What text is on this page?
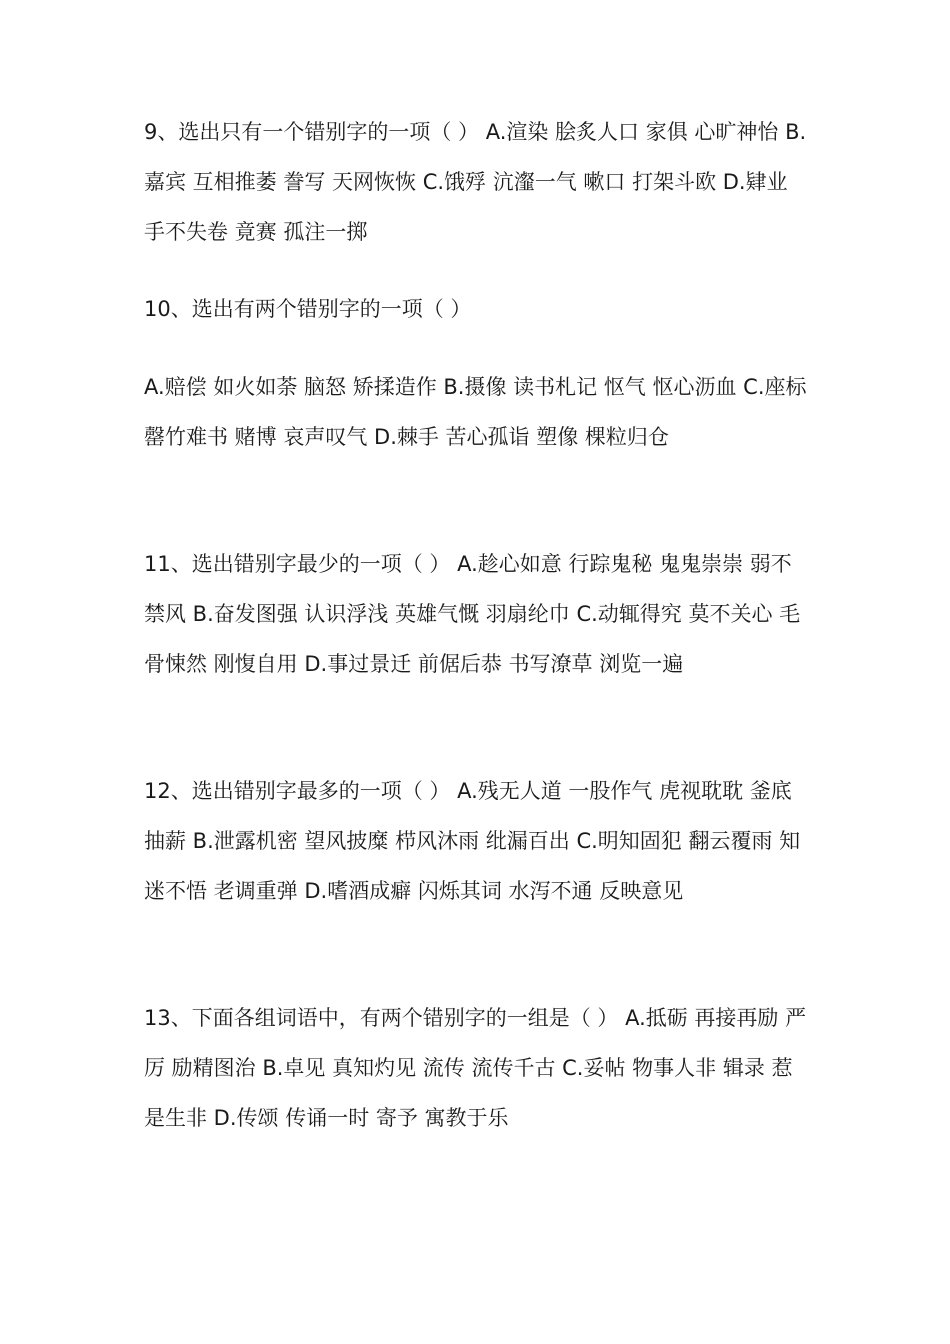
9、选出只有一个错别字的一项（ ） A.渲染 脍炙人口 家俱 心旷神怡 B.嘉宾 互相推萎 誊写 天网恢恢 C.饿殍 沆瀣一气 嗽口 打架斗欧 D.肄业 手不失卷 竟赛 孤注一掷

10、选出有两个错别字的一项（ ）

A.赔偿 如火如荼 脑怒 矫揉造作 B.摄像 读书札记 怄气 怄心沥血 C.座标 罄竹难书 赌博 哀声叹气 D.棘手 苦心孤诣 塑像 棵粒归仓

11、选出错别字最少的一项（ ） A.趁心如意 行踪鬼秘 鬼鬼崇崇 弱不禁风 B.奋发图强 认识浮浅 英雄气慨 羽扇纶巾 C.动辄得究 莫不关心 毛骨悚然 刚愎自用 D.事过景迁 前倨后恭 书写潦草 浏览一遍

12、选出错别字最多的一项（ ） A.残无人道 一股作气 虎视耽耽 釜底抽薪 B.泄露机密 望风披糜 栉风沐雨 纰漏百出 C.明知固犯 翻云覆雨 知迷不悟 老调重弹 D.嗜酒成癖 闪烁其词 水泻不通 反映意见

13、下面各组词语中，有两个错别字的一组是（ ） A.抵砺 再接再励 严厉 励精图治 B.卓见 真知灼见 流传 流传千古 C.妥帖 物事人非 辑录 惹是生非 D.传颂 传诵一时 寄予 寓教于乐
